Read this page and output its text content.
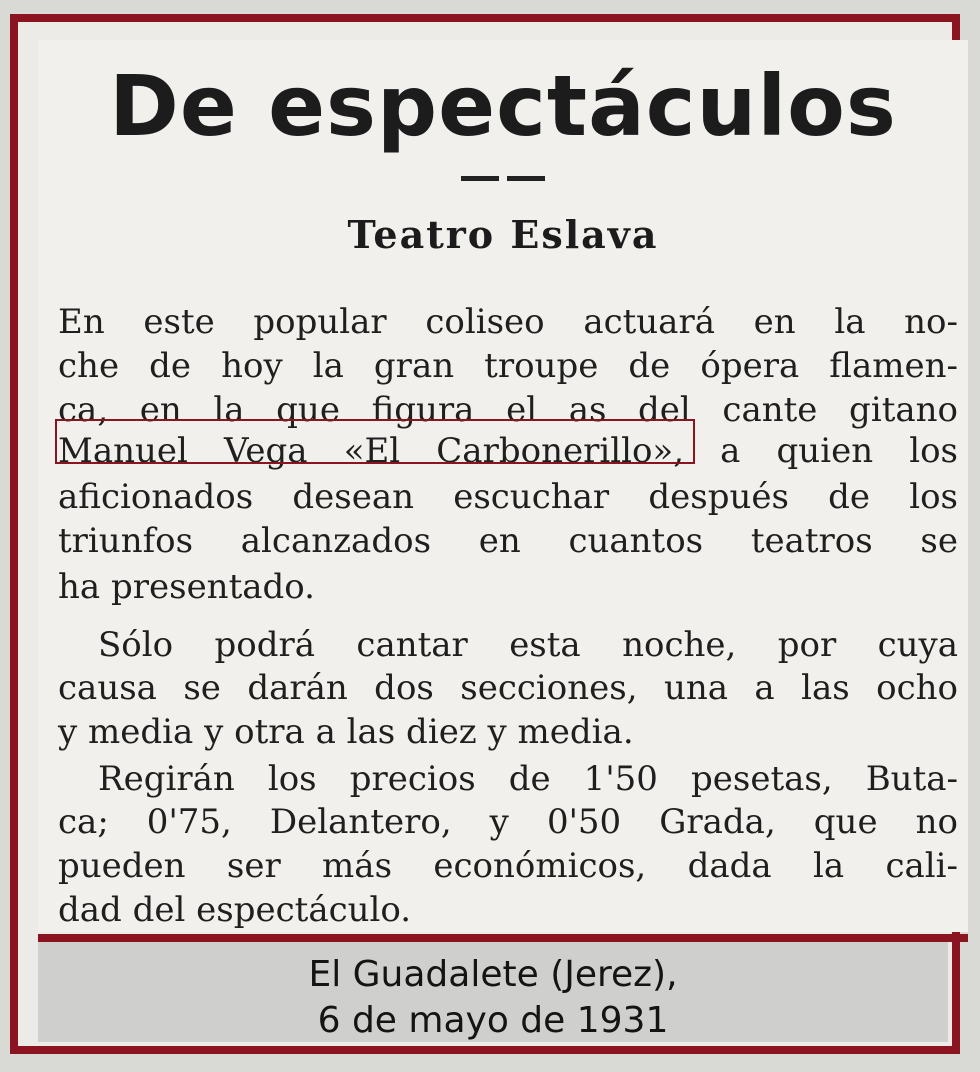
De espectáculos
Teatro Eslava
En este popular coliseo actuará en la no-
che de hoy la gran troupe de ópera flamen-
ca, en la que figura el as del cante gitano
Manuel Vega «El Carbonerillo», a quien los
aficionados desean escuchar después de los
triunfos alcanzados en cuantos teatros se
ha presentado.
Sólo podrá cantar esta noche, por cuya
causa se darán dos secciones, una a las ocho
y media y otra a las diez y media.
Regirán los precios de 1'50 pesetas, Buta-
ca; 0'75, Delantero, y 0'50 Grada, que no
pueden ser más económicos, dada la cali-
dad del espectáculo.
El Guadalete (Jerez),
6 de mayo de 1931
